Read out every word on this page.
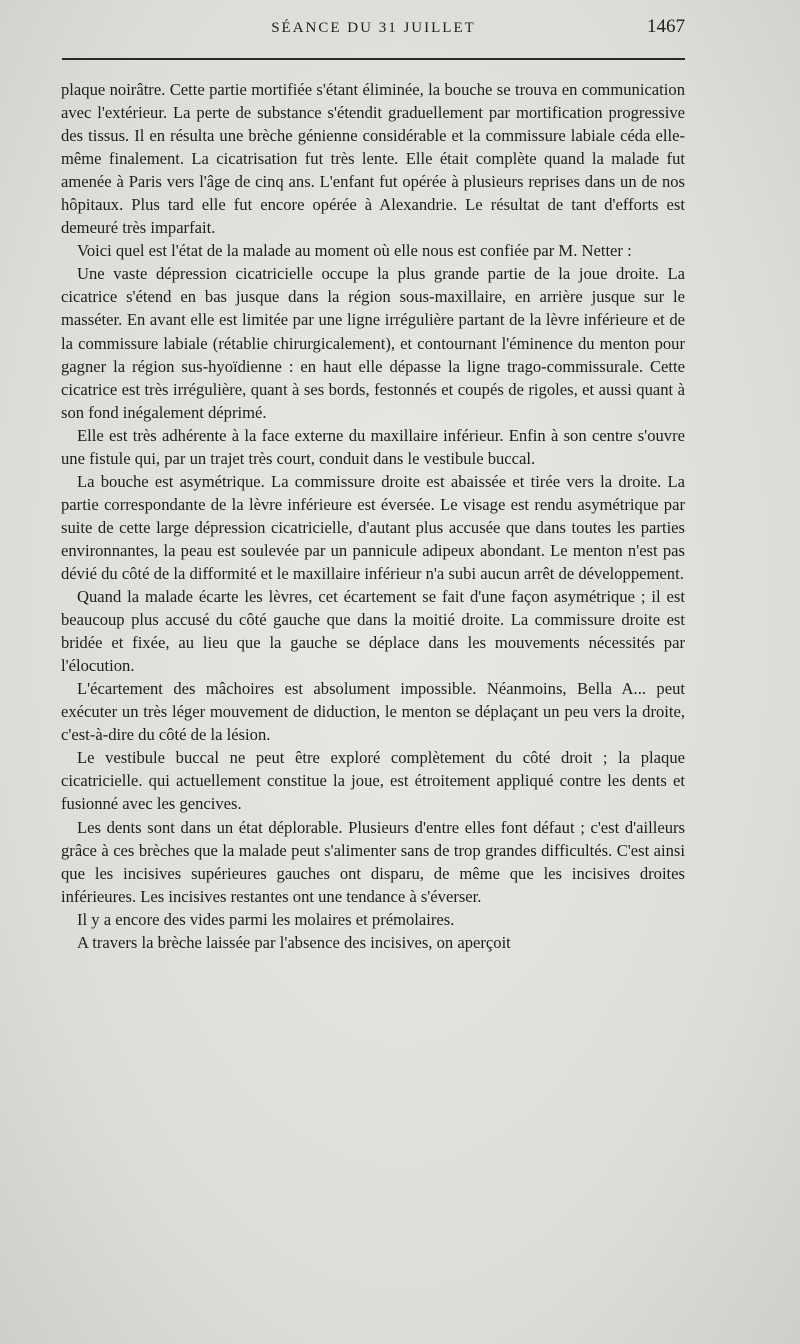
SÉANCE DU 31 JUILLET	1467

plaque noirâtre. Cette partie mortifiée s'étant éliminée, la bouche se trouva en communication avec l'extérieur. La perte de substance s'étendit graduellement par mortification progressive des tissus. Il en résulta une brèche génienne considérable et la commissure labiale céda elle-même finalement. La cicatrisation fut très lente. Elle était complète quand la malade fut amenée à Paris vers l'âge de cinq ans. L'enfant fut opérée à plusieurs reprises dans un de nos hôpitaux. Plus tard elle fut encore opérée à Alexandrie. Le résultat de tant d'efforts est demeuré très imparfait.

Voici quel est l'état de la malade au moment où elle nous est confiée par M. Netter :

Une vaste dépression cicatricielle occupe la plus grande partie de la joue droite. La cicatrice s'étend en bas jusque dans la région sous-maxillaire, en arrière jusque sur le masséter. En avant elle est limitée par une ligne irrégulière partant de la lèvre inférieure et de la commissure labiale (rétablie chirurgicalement), et contournant l'éminence du menton pour gagner la région sus-hyoïdienne : en haut elle dépasse la ligne trago-commissurale. Cette cicatrice est très irrégulière, quant à ses bords, festonnés et coupés de rigoles, et aussi quant à son fond inégalement déprimé.

Elle est très adhérente à la face externe du maxillaire inférieur. Enfin à son centre s'ouvre une fistule qui, par un trajet très court, conduit dans le vestibule buccal.

La bouche est asymétrique. La commissure droite est abaissée et tirée vers la droite. La partie correspondante de la lèvre inférieure est éversée. Le visage est rendu asymétrique par suite de cette large dépression cicatricielle, d'autant plus accusée que dans toutes les parties environnantes, la peau est soulevée par un pannicule adipeux abondant. Le menton n'est pas dévié du côté de la difformité et le maxillaire inférieur n'a subi aucun arrêt de développement.

Quand la malade écarte les lèvres, cet écartement se fait d'une façon asymétrique ; il est beaucoup plus accusé du côté gauche que dans la moitié droite. La commissure droite est bridée et fixée, au lieu que la gauche se déplace dans les mouvements nécessités par l'élocution.

L'écartement des mâchoires est absolument impossible. Néanmoins, Bella A... peut exécuter un très léger mouvement de diduction, le menton se déplaçant un peu vers la droite, c'est-à-dire du côté de la lésion.

Le vestibule buccal ne peut être exploré complètement du côté droit ; la plaque cicatricielle. qui actuellement constitue la joue, est étroitement appliqué contre les dents et fusionné avec les gencives.

Les dents sont dans un état déplorable. Plusieurs d'entre elles font défaut ; c'est d'ailleurs grâce à ces brèches que la malade peut s'alimenter sans de trop grandes difficultés. C'est ainsi que les incisives supérieures gauches ont disparu, de même que les incisives droites inférieures. Les incisives restantes ont une tendance à s'éverser.

Il y a encore des vides parmi les molaires et prémolaires.

A travers la brèche laissée par l'absence des incisives, on aperçoit
